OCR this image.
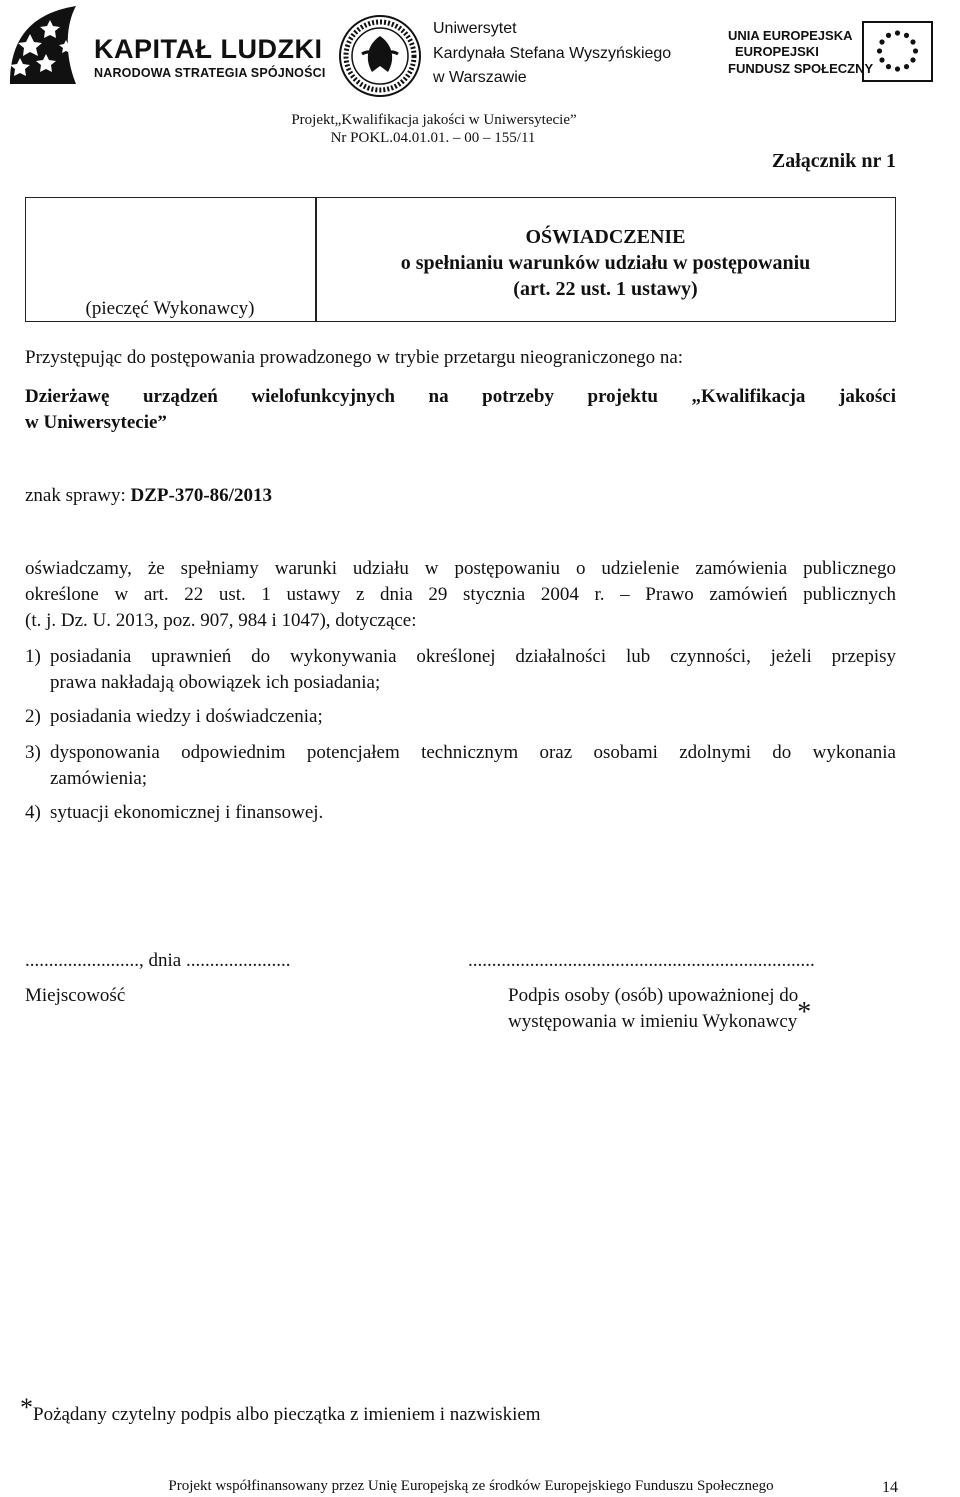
KAPITAŁ LUDZKI
NARODOWA STRATEGIA SPÓJNOŚCI
Uniwersytet
Kardynała Stefana Wyszyńskiego
w Warszawie
UNIA EUROPEJSKA
EUROPEJSKI
FUNDUSZ SPOŁECZNY
Projekt„Kwalifikacja jakości w Uniwersytecie”
Nr POKL.04.01.01. – 00 – 155/11
Załącznik nr 1
(pieczęć Wykonawcy)
OŚWIADCZENIE
o spełnianiu warunków udziału w postępowaniu
(art. 22 ust. 1 ustawy)
Przystępując do postępowania prowadzonego w trybie przetargu nieograniczonego na:
Dzierżawę urządzeń wielofunkcyjnych na potrzeby projektu „Kwalifikacja jakości
w Uniwersytecie”
znak sprawy: DZP-370-86/2013
oświadczamy, że spełniamy warunki udziału w postępowaniu o udzielenie zamówienia publicznego
określone w art. 22 ust. 1 ustawy z dnia 29 stycznia 2004 r. – Prawo zamówień publicznych
(t. j. Dz. U. 2013, poz. 907, 984 i 1047), dotyczące:
1) posiadania uprawnień do wykonywania określonej działalności lub czynności, jeżeli przepisy
prawa nakładają obowiązek ich posiadania;
2) posiadania wiedzy i doświadczenia;
3) dysponowania odpowiednim potencjałem technicznym oraz osobami zdolnymi do wykonania
zamówienia;
4) sytuacji ekonomicznej i finansowej.
........................, dnia ......................	.........................................................................
Miejscowość	Podpis osoby (osób) upoważnionej do
występowania w imieniu Wykonawcy*
*Pożądany czytelny podpis albo pieczątka z imieniem i nazwiskiem
Projekt współfinansowany przez Unię Europejską ze środków Europejskiego Funduszu Społecznego	14
